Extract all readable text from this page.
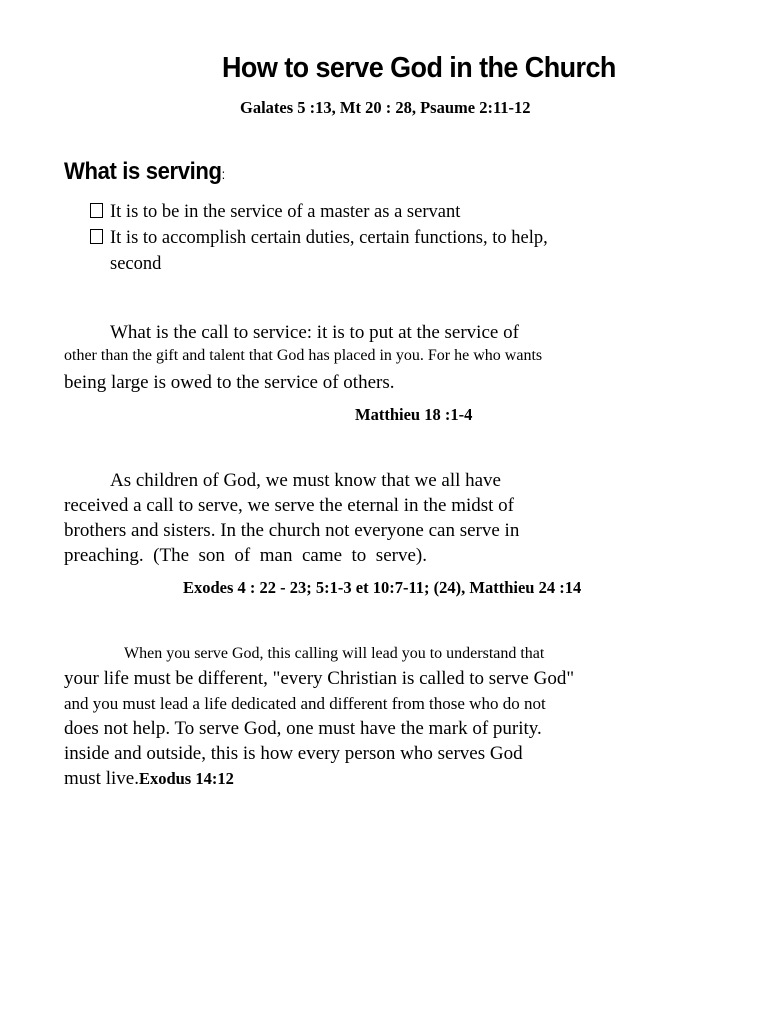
How to serve God in the Church
Galates 5 :13, Mt 20 : 28, Psaume 2:11-12
What is serving:
It is to be in the service of a master as a servant
It is to accomplish certain duties, certain functions, to help,
second
What is the call to service: it is to put at the service of
other than the gift and talent that God has placed in you. For he who wants
being large is owed to the service of others.
Matthieu 18 :1-4
As children of God, we must know that we all have
received a call to serve, we serve the eternal in the midst of
brothers and sisters. In the church not everyone can serve in
preaching.  (The  son  of  man  came  to  serve).
Exodes 4 : 22 - 23; 5:1-3 et 10:7-11; (24), Matthieu 24 :14
When you serve God, this calling will lead you to understand that
your life must be different, "every Christian is called to serve God"
and you must lead a life dedicated and different from those who do not
does not help. To serve God, one must have the mark of purity.
inside and outside, this is how every person who serves God
must live.Exodus 14:12
